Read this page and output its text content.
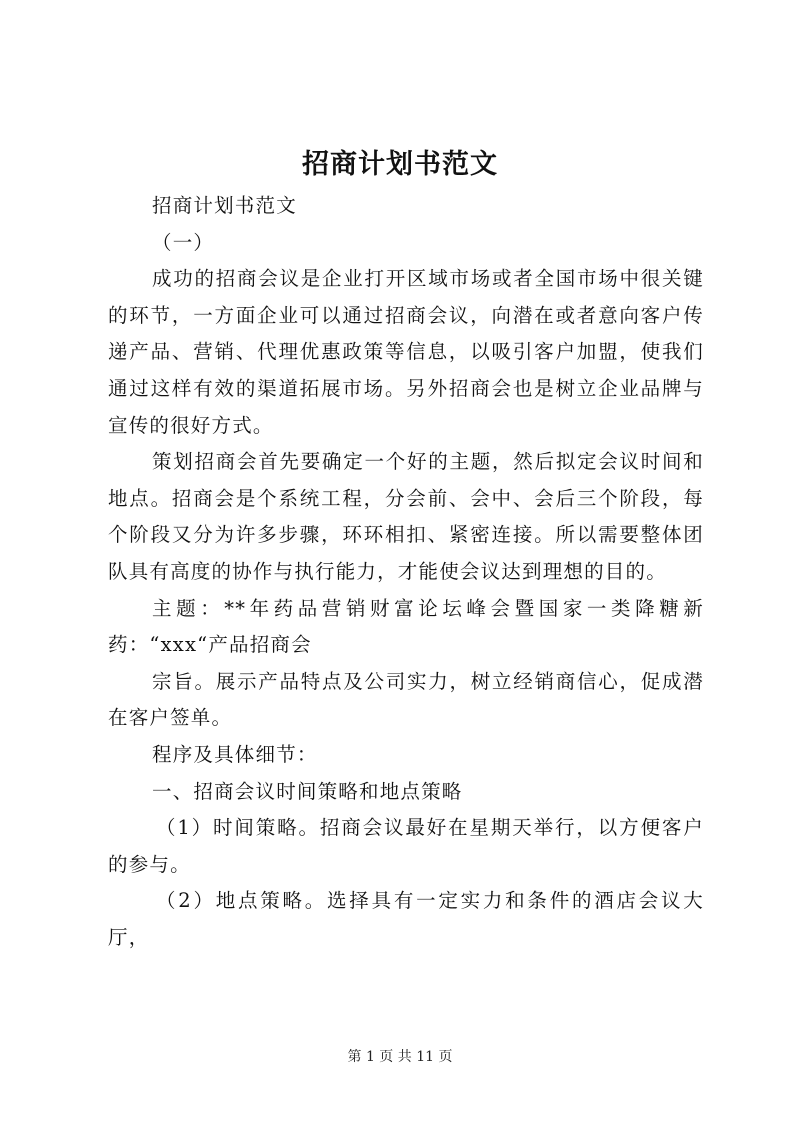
招商计划书范文

招商计划书范文

（一）

成功的招商会议是企业打开区域市场或者全国市场中很关键的环节，一方面企业可以通过招商会议，向潜在或者意向客户传递产品、营销、代理优惠政策等信息，以吸引客户加盟，使我们通过这样有效的渠道拓展市场。另外招商会也是树立企业品牌与宣传的很好方式。

策划招商会首先要确定一个好的主题，然后拟定会议时间和地点。招商会是个系统工程，分会前、会中、会后三个阶段，每个阶段又分为许多步骤，环环相扣、紧密连接。所以需要整体团队具有高度的协作与执行能力，才能使会议达到理想的目的。

主题：**年药品营销财富论坛峰会暨国家一类降糖新药：“xxx“产品招商会

宗旨。展示产品特点及公司实力，树立经销商信心，促成潜在客户签单。

程序及具体细节：

一、招商会议时间策略和地点策略

（1）时间策略。招商会议最好在星期天举行，以方便客户的参与。

（2）地点策略。选择具有一定实力和条件的酒店会议大厅，

第 1 页 共 11 页
